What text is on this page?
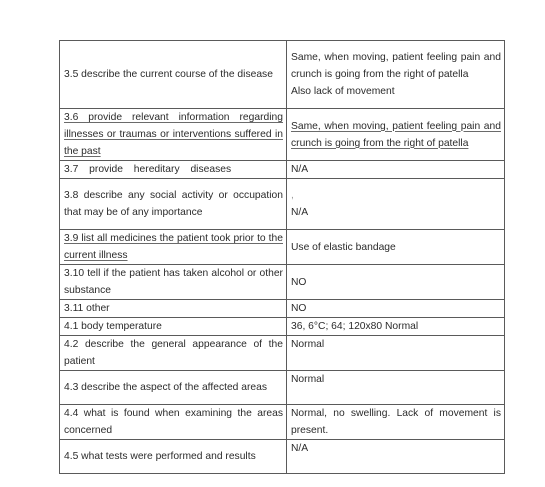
3.5 describe the current course of the disease	Same, when moving, patient feeling pain and crunch is going from the right of patella
Also lack of movement
3.6 provide relevant information regarding illnesses or traumas or interventions suffered in the past	Same, when moving, patient feeling pain and crunch is going from the right of patella
3.7 provide hereditary diseases	N/A
3.8 describe any social activity or occupation that may be of any importance	,
N/A
3.9 list all medicines the patient took prior to the current illness	Use of elastic bandage
3.10 tell if the patient has taken alcohol or other substance	NO
3.11 other	NO
4.1 body temperature	36, 6°C; 64; 120x80 Normal
4.2 describe the general appearance of the patient	Normal
4.3 describe the aspect of the affected areas	Normal
4.4 what is found when examining the areas concerned	Normal, no swelling. Lack of movement is present.
4.5 what tests were performed and results	N/A
